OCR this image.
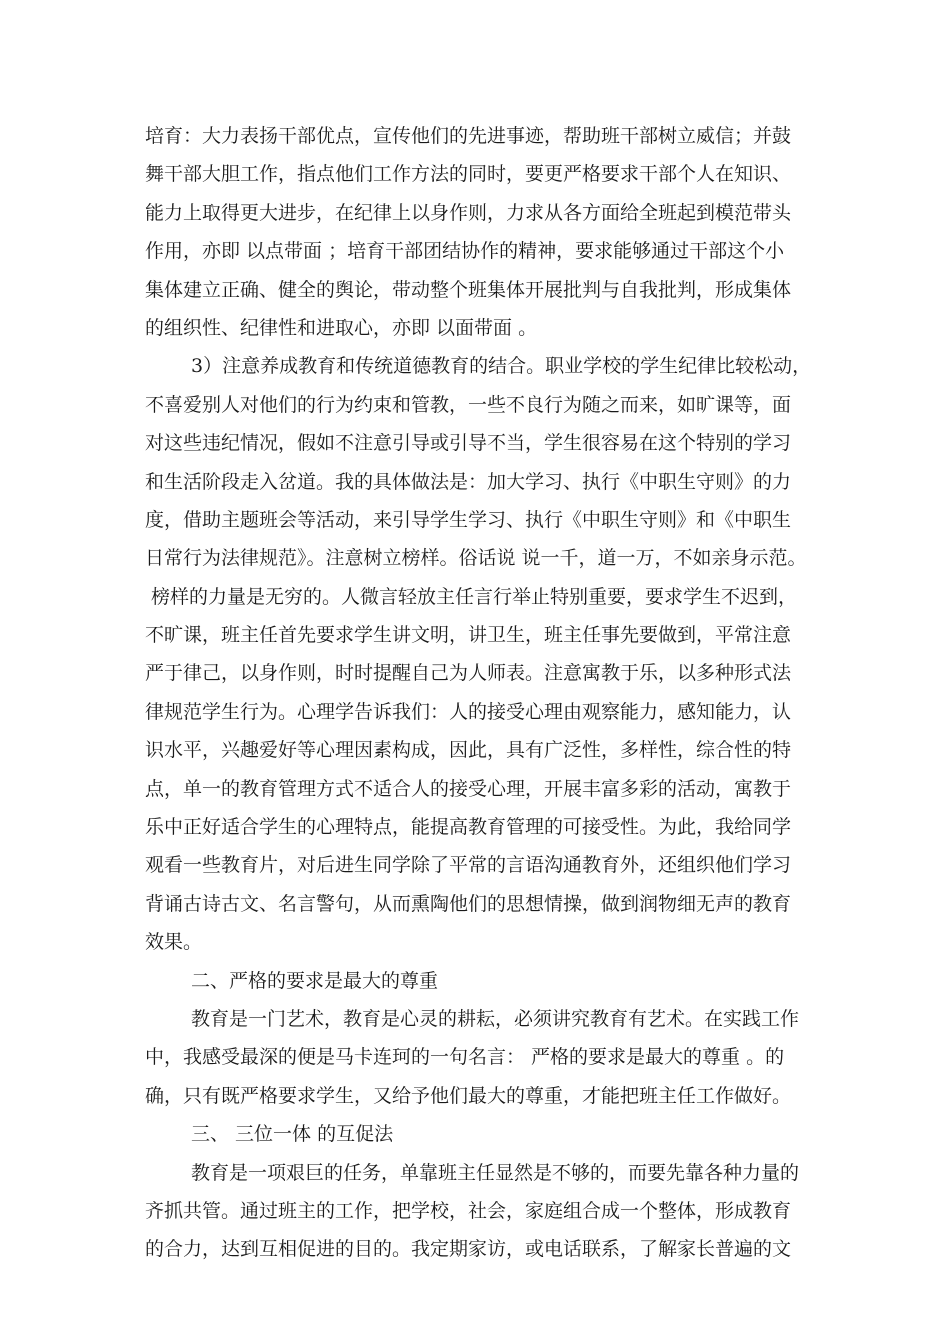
培育：大力表扬干部优点，宣传他们的先进事迹，帮助班干部树立威信；并鼓
舞干部大胆工作，指点他们工作方法的同时，要更严格要求干部个人在知识、
能力上取得更大进步，在纪律上以身作则，力求从各方面给全班起到模范带头
作用，亦即 以点带面 ；培育干部团结协作的精神，要求能够通过干部这个小
集体建立正确、健全的舆论，带动整个班集体开展批判与自我批判，形成集体
的组织性、纪律性和进取心，亦即 以面带面 。
3）注意养成教育和传统道德教育的结合。职业学校的学生纪律比较松动，
不喜爱别人对他们的行为约束和管教，一些不良行为随之而来，如旷课等，面
对这些违纪情况，假如不注意引导或引导不当，学生很容易在这个特别的学习
和生活阶段走入岔道。我的具体做法是：加大学习、执行《中职生守则》的力
度，借助主题班会等活动，来引导学生学习、执行《中职生守则》和《中职生
日常行为法律规范》。注意树立榜样。俗话说 说一千，道一万，不如亲身示范。
榜样的力量是无穷的。人微言轻放主任言行举止特别重要，要求学生不迟到，
不旷课，班主任首先要求学生讲文明，讲卫生，班主任事先要做到，平常注意
严于律己，以身作则，时时提醒自己为人师表。注意寓教于乐，以多种形式法
律规范学生行为。心理学告诉我们：人的接受心理由观察能力，感知能力，认
识水平，兴趣爱好等心理因素构成，因此，具有广泛性，多样性，综合性的特
点，单一的教育管理方式不适合人的接受心理，开展丰富多彩的活动，寓教于
乐中正好适合学生的心理特点，能提高教育管理的可接受性。为此，我给同学
观看一些教育片，对后进生同学除了平常的言语沟通教育外，还组织他们学习
背诵古诗古文、名言警句，从而熏陶他们的思想情操，做到润物细无声的教育
效果。
二、严格的要求是最大的尊重
教育是一门艺术，教育是心灵的耕耘，必须讲究教育有艺术。在实践工作
中，我感受最深的便是马卡连珂的一句名言： 严格的要求是最大的尊重 。的
确，只有既严格要求学生，又给予他们最大的尊重，才能把班主任工作做好。
三、 三位一体 的互促法
教育是一项艰巨的任务，单靠班主任显然是不够的，而要先靠各种力量的
齐抓共管。通过班主的工作，把学校，社会，家庭组合成一个整体，形成教育
的合力，达到互相促进的目的。我定期家访，或电话联系，了解家长普遍的文
